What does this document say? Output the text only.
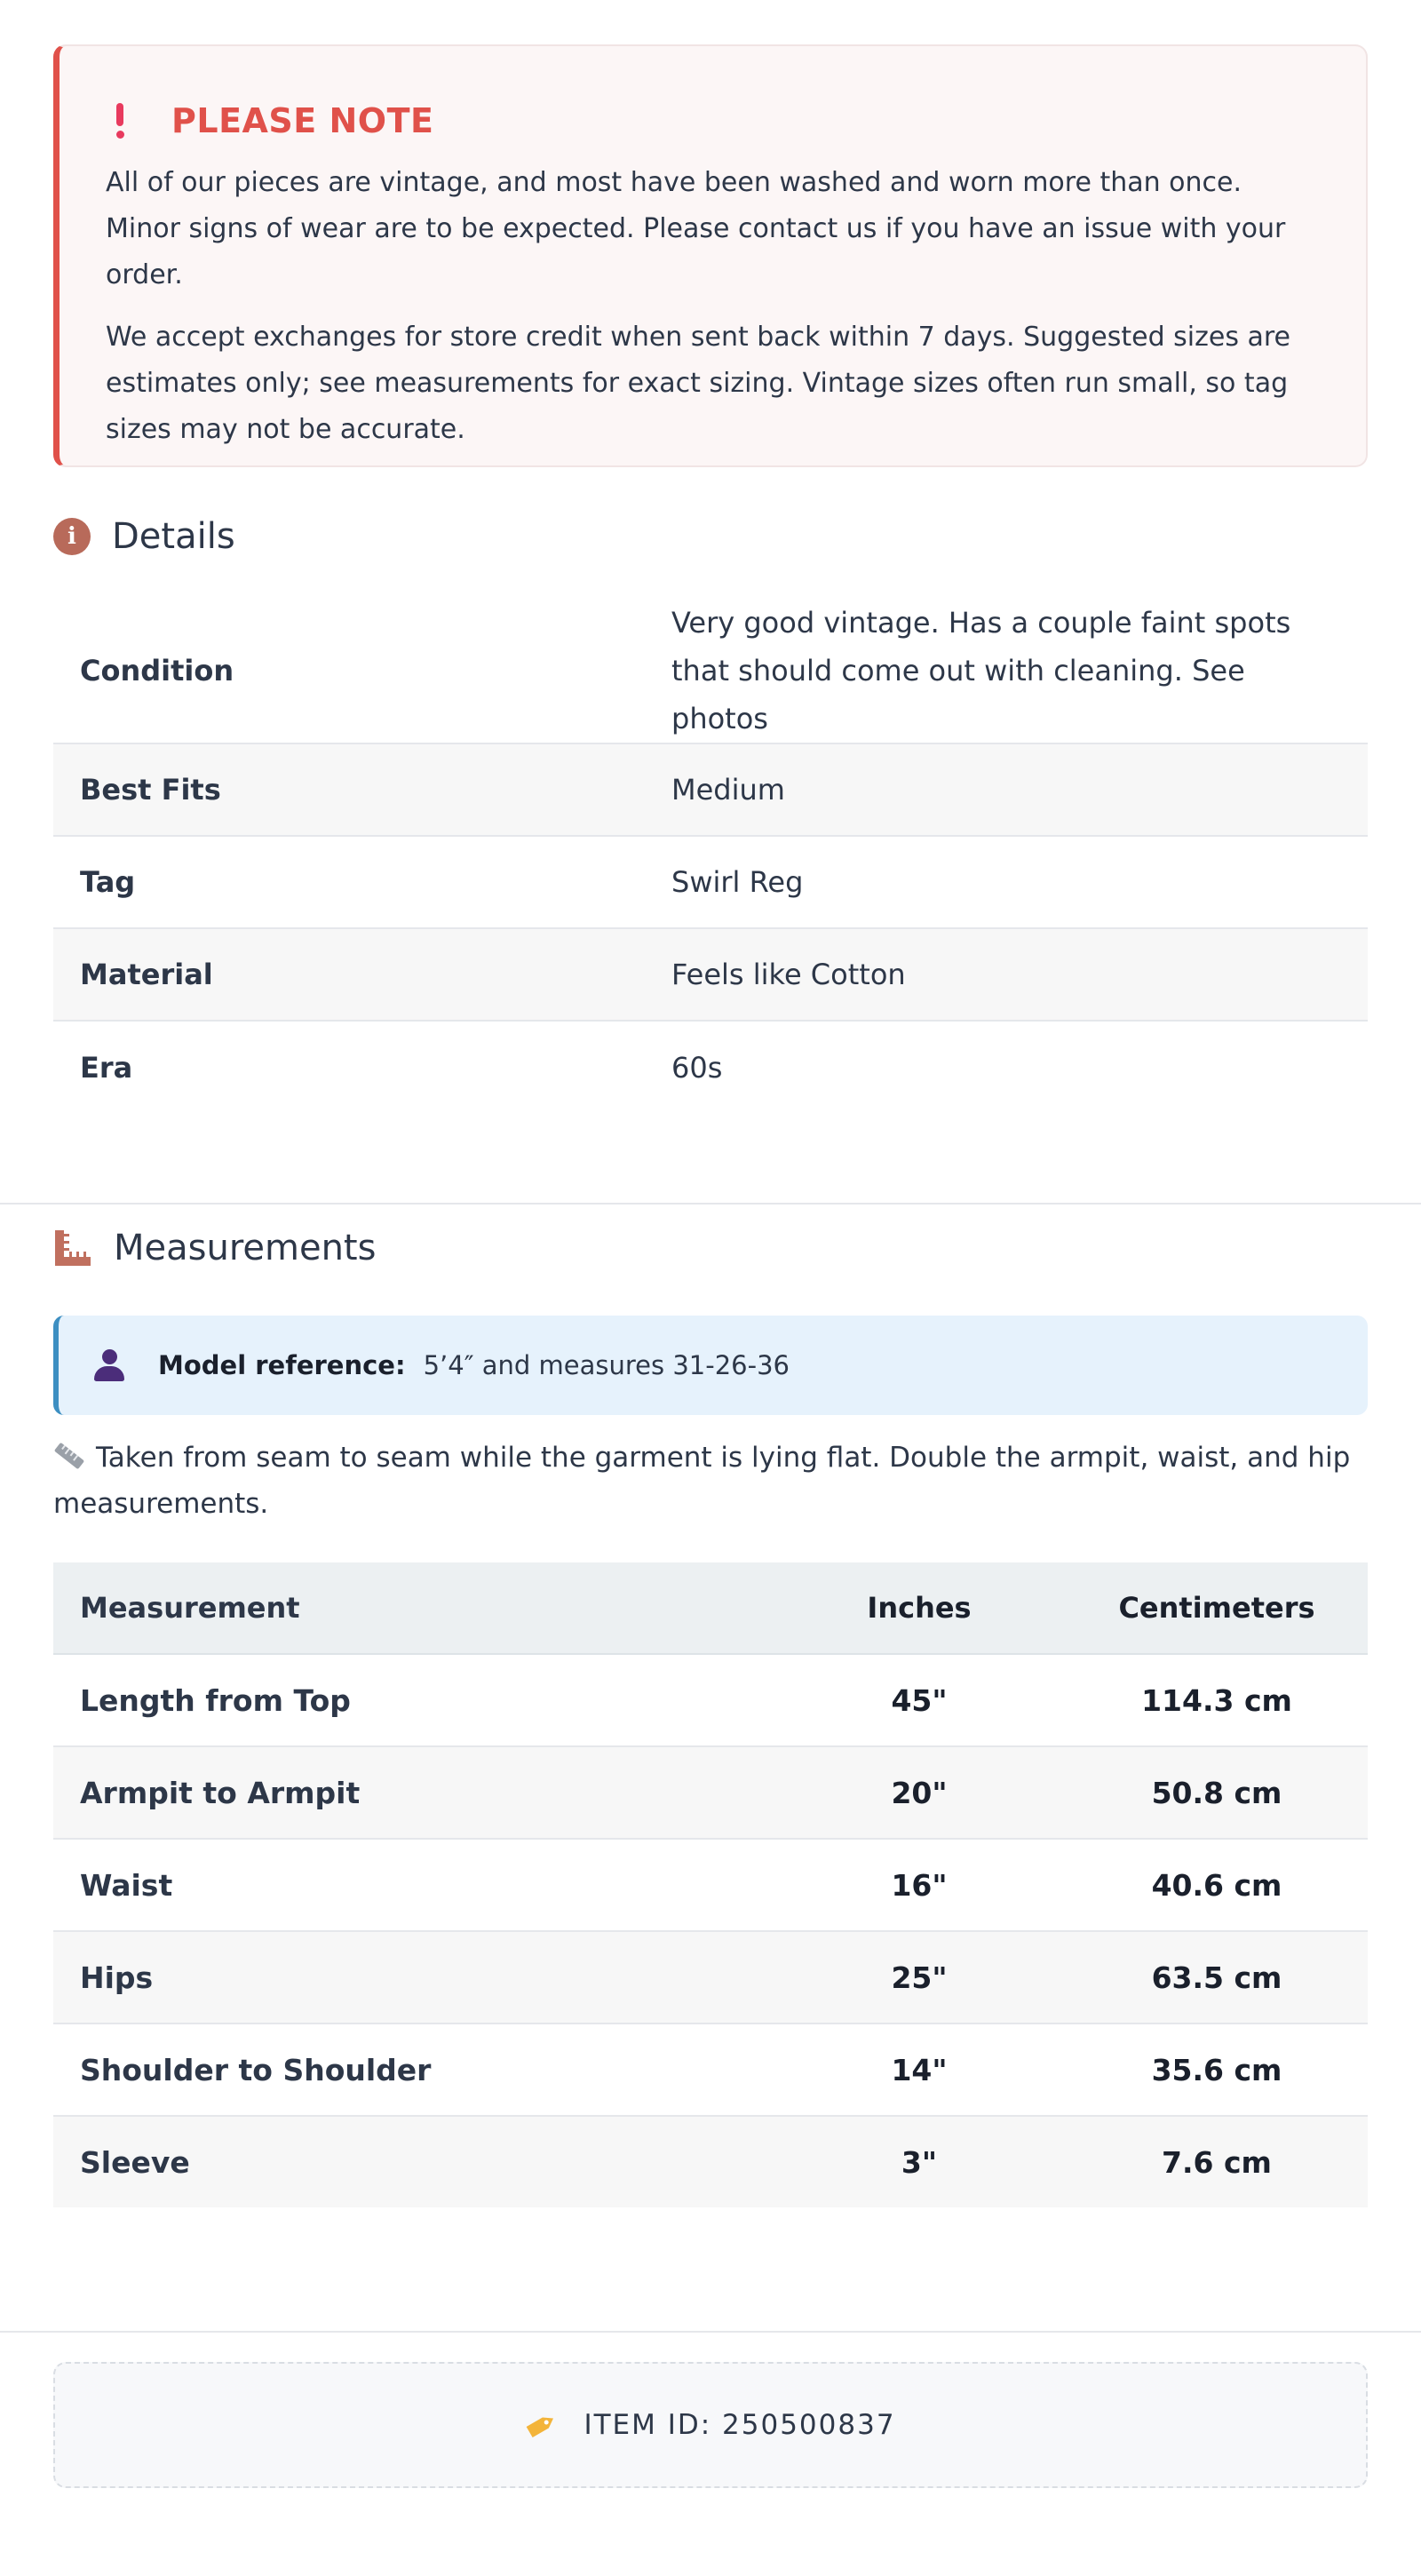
PLEASE NOTE

All of our pieces are vintage, and most have been washed and worn more than once. Minor signs of wear are to be expected. Please contact us if you have an issue with your order.

We accept exchanges for store credit when sent back within 7 days. Suggested sizes are estimates only; see measurements for exact sizing. Vintage sizes often run small, so tag sizes may not be accurate.

i	Details
Condition	Very good vintage. Has a couple faint spots that should come out with cleaning. See photos
Best Fits	Medium
Tag	Swirl Reg
Material	Feels like Cotton
Era	60s
Measurements
Model reference: 5’4″ and measures 31-26-36
Taken from seam to seam while the garment is lying flat. Double the armpit, waist, and hip measurements.
Measurement	Inches	Centimeters
Length from Top	45"	114.3 cm
Armpit to Armpit	20"	50.8 cm
Waist	16"	40.6 cm
Hips	25"	63.5 cm
Shoulder to Shoulder	14"	35.6 cm
Sleeve	3"	7.6 cm
ITEM ID: 250500837
